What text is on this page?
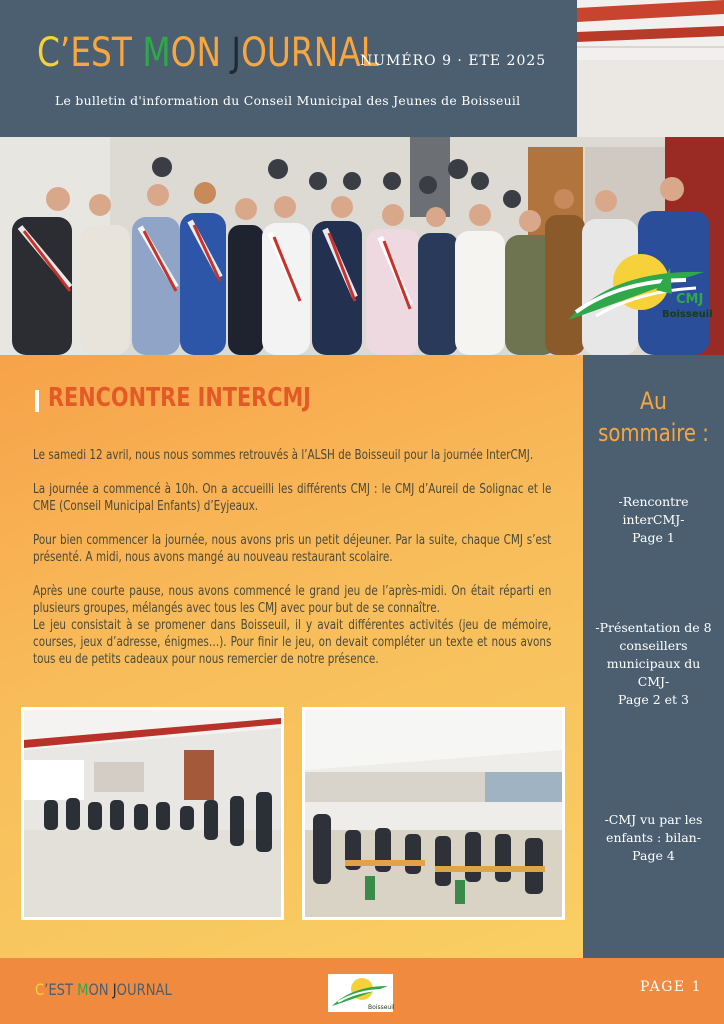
C’EST MON JOURNAL
NUMÉRO 9 · ETE 2025
Le bulletin d'information du Conseil Municipal des Jeunes de Boisseuil
CMJ
Boisseuil
RENCONTRE INTERCMJ

Le samedi 12 avril, nous nous sommes retrouvés à l’ALSH de Boisseuil pour la journée InterCMJ.

La journée a commencé à 10h. On a accueilli les différents CMJ : le CMJ d’Aureil de Solignac et le CME (Conseil Municipal Enfants) d’Eyjeaux.

Pour bien commencer la journée, nous avons pris un petit déjeuner. Par la suite, chaque CMJ s’est présenté. A midi, nous avons mangé au nouveau restaurant scolaire.

Après une courte pause, nous avons commencé le grand jeu de l’après-midi. On était réparti en plusieurs groupes, mélangés avec tous les CMJ avec pour but de se connaître.

Le jeu consistait à se promener dans Boisseuil, il y avait différentes activités (jeu de mémoire, courses, jeux d’adresse, énigmes…). Pour finir le jeu, on devait compléter un texte et nous avons tous eu de petits cadeaux pour nous remercier de notre présence.

Au
sommaire :
-Rencontre interCMJ-
Page 1
-Présentation de 8 conseillers municipaux du CMJ-
Page 2 et 3
-CMJ vu par les enfants : bilan-
Page 4
C’EST MON JOURNAL
Boisseuil
PAGE 1
